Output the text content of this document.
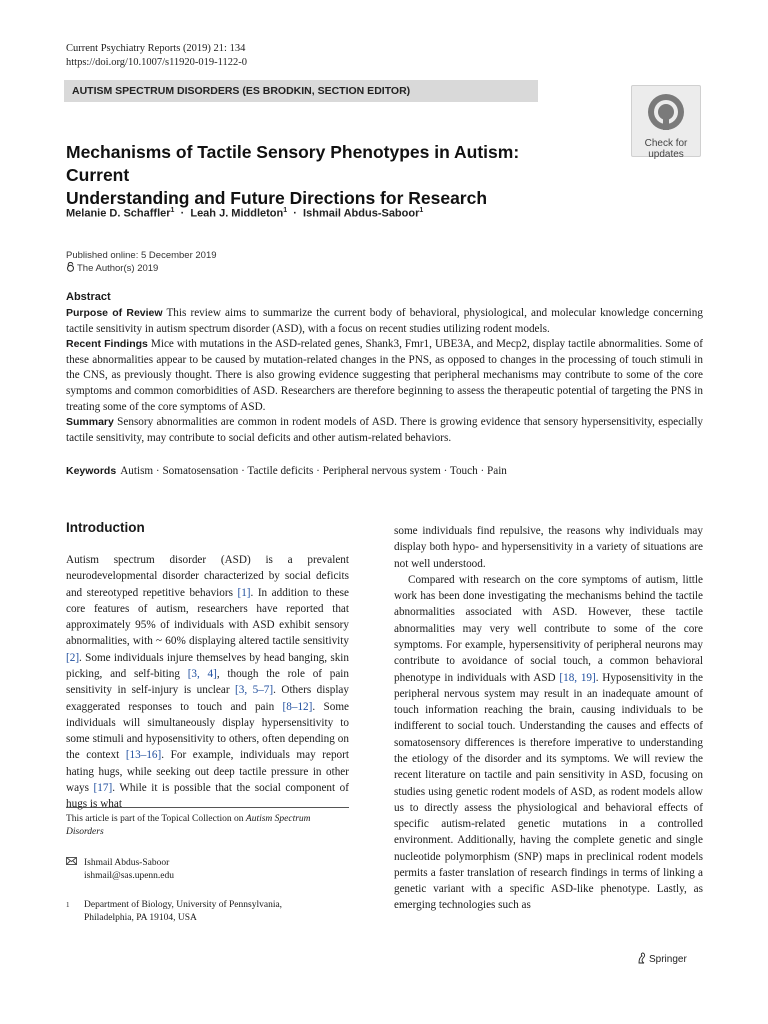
Current Psychiatry Reports (2019) 21: 134
https://doi.org/10.1007/s11920-019-1122-0
AUTISM SPECTRUM DISORDERS (ES BRODKIN, SECTION EDITOR)
Check for
updates
Mechanisms of Tactile Sensory Phenotypes in Autism: Current
Understanding and Future Directions for Research
Melanie D. Schaffler$^1$  ·  Leah J. Middleton$^1$  ·  Ishmail Abdus-Saboor$^1$
Published online: 5 December 2019
The Author(s) 2019
Abstract

Purpose of Review This review aims to summarize the current body of behavioral, physiological, and molecular knowledge concerning tactile sensitivity in autism spectrum disorder (ASD), with a focus on recent studies utilizing rodent models.

Recent Findings Mice with mutations in the ASD-related genes, Shank3, Fmr1, UBE3A, and Mecp2, display tactile abnormalities. Some of these abnormalities appear to be caused by mutation-related changes in the PNS, as opposed to changes in the processing of touch stimuli in the CNS, as previously thought. There is also growing evidence suggesting that peripheral mechanisms may contribute to some of the core symptoms and common comorbidities of ASD. Researchers are therefore beginning to assess the therapeutic potential of targeting the PNS in treating some of the core symptoms of ASD.

Summary Sensory abnormalities are common in rodent models of ASD. There is growing evidence that sensory hypersensitivity, especially tactile sensitivity, may contribute to social deficits and other autism-related behaviors.

Keywords Autism · Somatosensation · Tactile deficits · Peripheral nervous system · Touch · Pain
Introduction

Autism spectrum disorder (ASD) is a prevalent neurodevelopmental disorder characterized by social deficits and stereotyped repetitive behaviors [1]. In addition to these core features of autism, researchers have reported that approximately 95% of individuals with ASD exhibit sensory abnormalities, with ~ 60% displaying altered tactile sensitivity [2]. Some individuals injure themselves by head banging, skin picking, and self-biting [3, 4], though the role of pain sensitivity in self-injury is unclear [3, 5–7]. Others display exaggerated responses to touch and pain [8–12]. Some individuals will simultaneously display hypersensitivity to some stimuli and hyposensitivity to others, often depending on the context [13–16]. For example, individuals may report hating hugs, while seeking out deep tactile pressure in other ways [17]. While it is possible that the social component of hugs is what

This article is part of the Topical Collection on Autism Spectrum Disorders
Ishmail Abdus-Saboor
ishmail@sas.upenn.edu
1 Department of Biology, University of Pennsylvania,
Philadelphia, PA 19104, USA

some individuals find repulsive, the reasons why individuals may display both hypo- and hypersensitivity in a variety of situations are not well understood.

Compared with research on the core symptoms of autism, little work has been done investigating the mechanisms behind the tactile abnormalities associated with ASD. However, these tactile abnormalities may very well contribute to some of the core symptoms. For example, hypersensitivity of peripheral neurons may contribute to avoidance of social touch, a common behavioral phenotype in individuals with ASD [18, 19]. Hyposensitivity in the peripheral nervous system may result in an inadequate amount of touch information reaching the brain, causing individuals to be indifferent to social touch. Understanding the causes and effects of somatosensory differences is therefore imperative to understanding the etiology of the disorder and its symptoms. We will review the recent literature on tactile and pain sensitivity in ASD, focusing on studies using genetic rodent models of ASD, as rodent models allow us to directly assess the physiological and behavioral effects of specific autism-related genetic mutations in a controlled environment. Additionally, having the complete genetic and single nucleotide polymorphism (SNP) maps in preclinical rodent models permits a faster translation of research findings in terms of linking a genetic variant with a specific ASD-like phenotype. Lastly, as emerging technologies such as

Springer
